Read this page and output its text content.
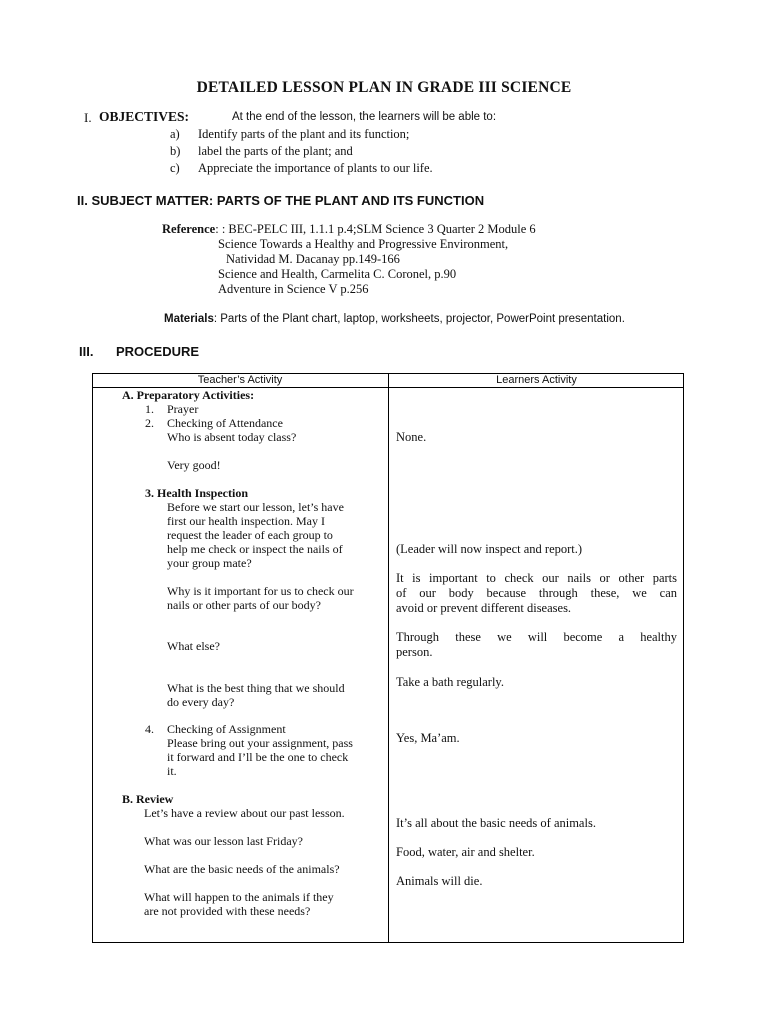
DETAILED LESSON PLAN IN GRADE III SCIENCE
I. OBJECTIVES:	At the end of the lesson, the learners will be able to:
a) Identify parts of the plant and its function;
b) label the parts of the plant; and
c) Appreciate the importance of plants to our life.
II. SUBJECT MATTER: PARTS OF THE PLANT AND ITS FUNCTION
Reference: : BEC-PELC III, 1.1.1 p.4;SLM Science 3 Quarter 2 Module 6
Science Towards a Healthy and Progressive Environment,
Natividad M. Dacanay pp.149-166
Science and Health, Carmelita C. Coronel, p.90
Adventure in Science V p.256
Materials: Parts of the Plant chart, laptop, worksheets, projector, PowerPoint presentation.
III. PROCEDURE
Teacher’s Activity	Learners Activity
A. Preparatory Activities:
1. Prayer
2. Checking of Attendance
Who is absent today class?
Very good!
3. Health Inspection
Before we start our lesson, let’s have
first our health inspection. May I
request the leader of each group to
help me check or inspect the nails of
your group mate?
Why is it important for us to check our
nails or other parts of our body?
What else?
What is the best thing that we should
do every day?
4. Checking of Assignment
Please bring out your assignment, pass
it forward and I’ll be the one to check
it.
B. Review
Let’s have a review about our past lesson.
What was our lesson last Friday?
What are the basic needs of the animals?
What will happen to the animals if they
are not provided with these needs?
None.
(Leader will now inspect and report.)
It is important to check our nails or other parts
of our body because through these, we can
avoid or prevent different diseases.
Through these we will become a healthy
person.
Take a bath regularly.
Yes, Ma’am.
It’s all about the basic needs of animals.
Food, water, air and shelter.
Animals will die.
